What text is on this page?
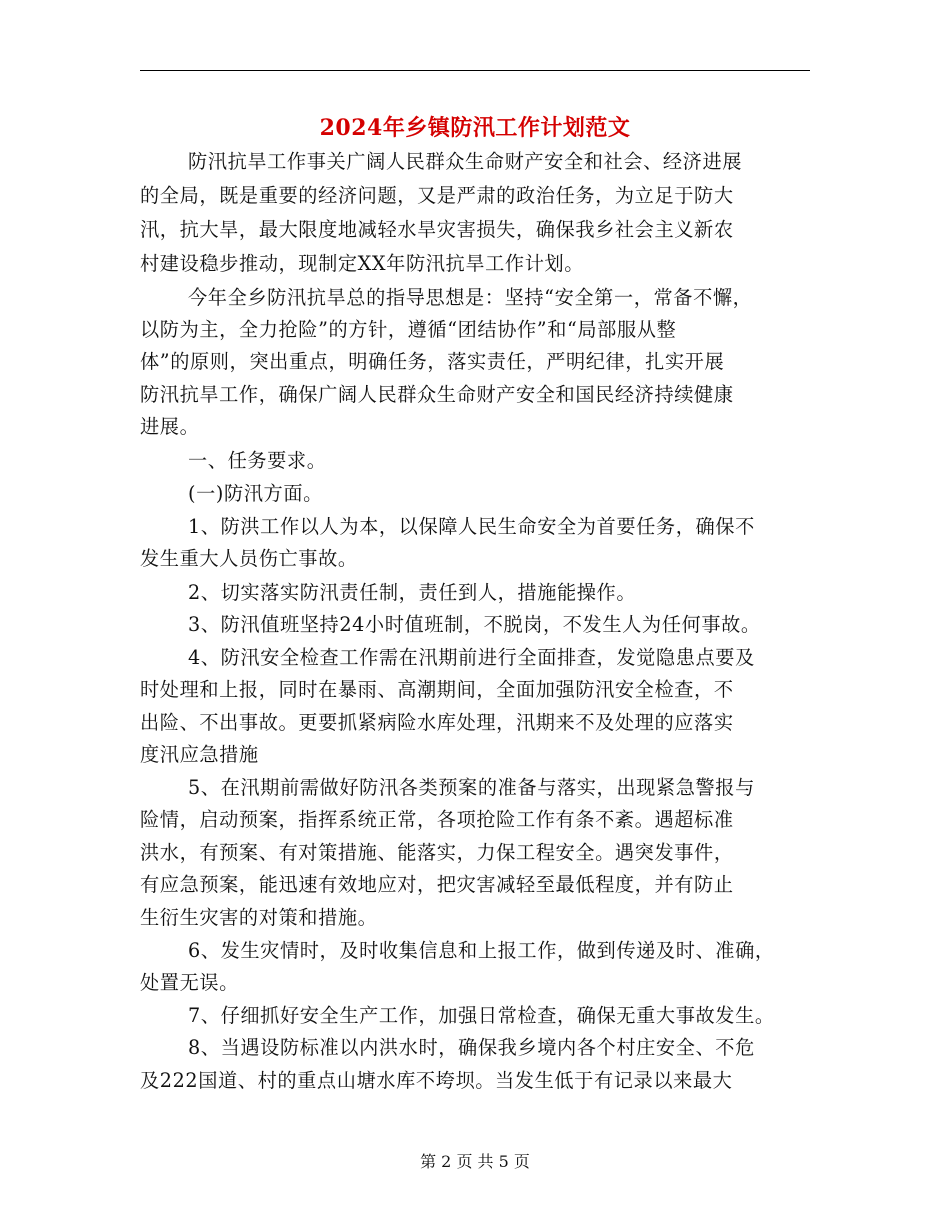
2024年乡镇防汛工作计划范文
防汛抗旱工作事关广阔人民群众生命财产安全和社会、经济进展
的全局，既是重要的经济问题，又是严肃的政治任务，为立足于防大
汛，抗大旱，最大限度地减轻水旱灾害损失，确保我乡社会主义新农
村建设稳步推动，现制定XX年防汛抗旱工作计划。
今年全乡防汛抗旱总的指导思想是：坚持“安全第一，常备不懈，
以防为主，全力抢险”的方针，遵循“团结协作”和“局部服从整
体”的原则，突出重点，明确任务，落实责任，严明纪律，扎实开展
防汛抗旱工作，确保广阔人民群众生命财产安全和国民经济持续健康
进展。
一、任务要求。
(一)防汛方面。
1、防洪工作以人为本，以保障人民生命安全为首要任务，确保不
发生重大人员伤亡事故。
2、切实落实防汛责任制，责任到人，措施能操作。
3、防汛值班坚持24小时值班制，不脱岗，不发生人为任何事故。
4、防汛安全检查工作需在汛期前进行全面排查，发觉隐患点要及
时处理和上报，同时在暴雨、高潮期间，全面加强防汛安全检查，不
出险、不出事故。更要抓紧病险水库处理，汛期来不及处理的应落实
度汛应急措施
5、在汛期前需做好防汛各类预案的准备与落实，出现紧急警报与
险情，启动预案，指挥系统正常，各项抢险工作有条不紊。遇超标准
洪水，有预案、有对策措施、能落实，力保工程安全。遇突发事件，
有应急预案，能迅速有效地应对，把灾害减轻至最低程度，并有防止
生衍生灾害的对策和措施。
6、发生灾情时，及时收集信息和上报工作，做到传递及时、准确，
处置无误。
7、仔细抓好安全生产工作，加强日常检查，确保无重大事故发生。
8、当遇设防标准以内洪水时，确保我乡境内各个村庄安全、不危
及222国道、村的重点山塘水库不垮坝。当发生低于有记录以来最大
第 2 页 共 5 页
